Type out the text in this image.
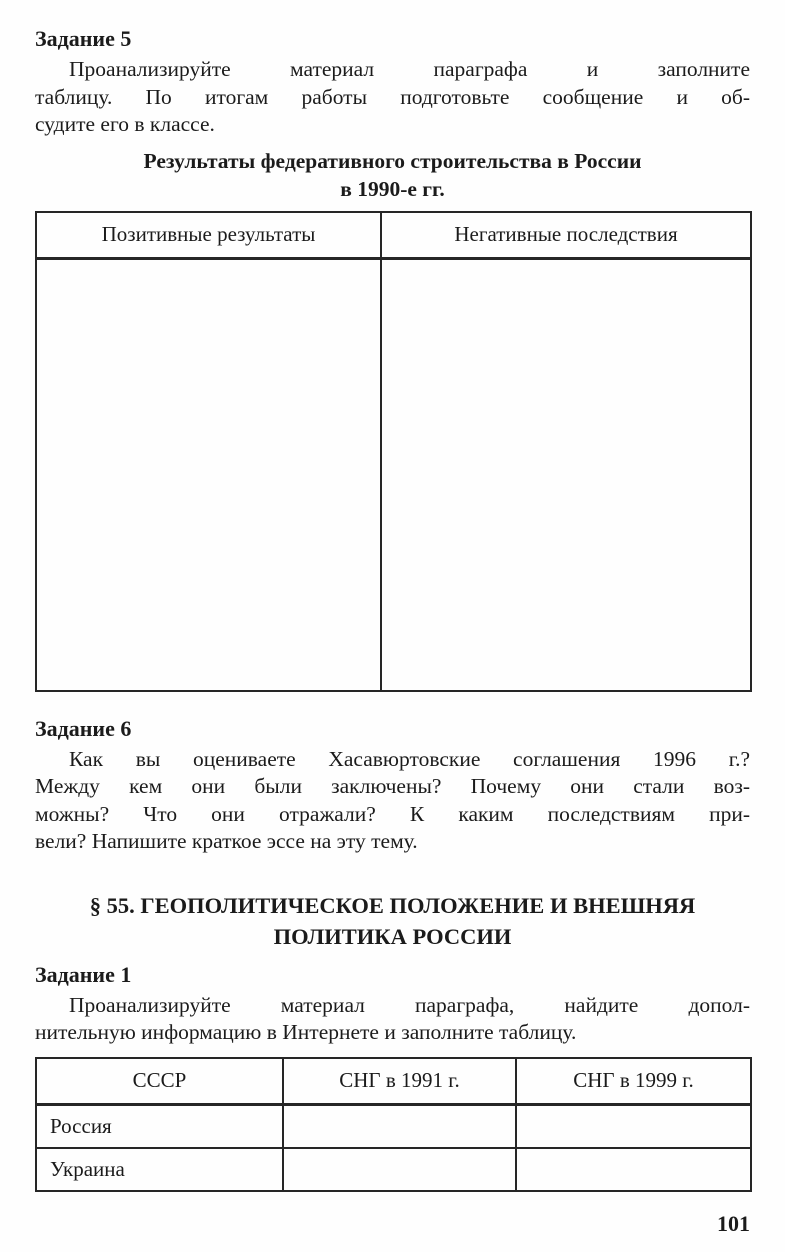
Задание 5
Проанализируйте материал параграфа и заполните
таблицу. По итогам работы подготовьте сообщение и об-
судите его в классе.
Результаты федеративного строительства в России
в 1990-е гг.
Позитивные результаты	Негативные последствия

Задание 6
Как вы оцениваете Хасавюртовские соглашения 1996 г.?
Между кем они были заключены? Почему они стали воз-
можны? Что они отражали? К каким последствиям при-
вели? Напишите краткое эссе на эту тему.
§ 55. ГЕОПОЛИТИЧЕСКОЕ ПОЛОЖЕНИЕ И ВНЕШНЯЯ
ПОЛИТИКА РОССИИ
Задание 1
Проанализируйте материал параграфа, найдите допол-
нительную информацию в Интернете и заполните таблицу.
СССР	СНГ в 1991 г.	СНГ в 1999 г.
Россия		
Украина		
101
